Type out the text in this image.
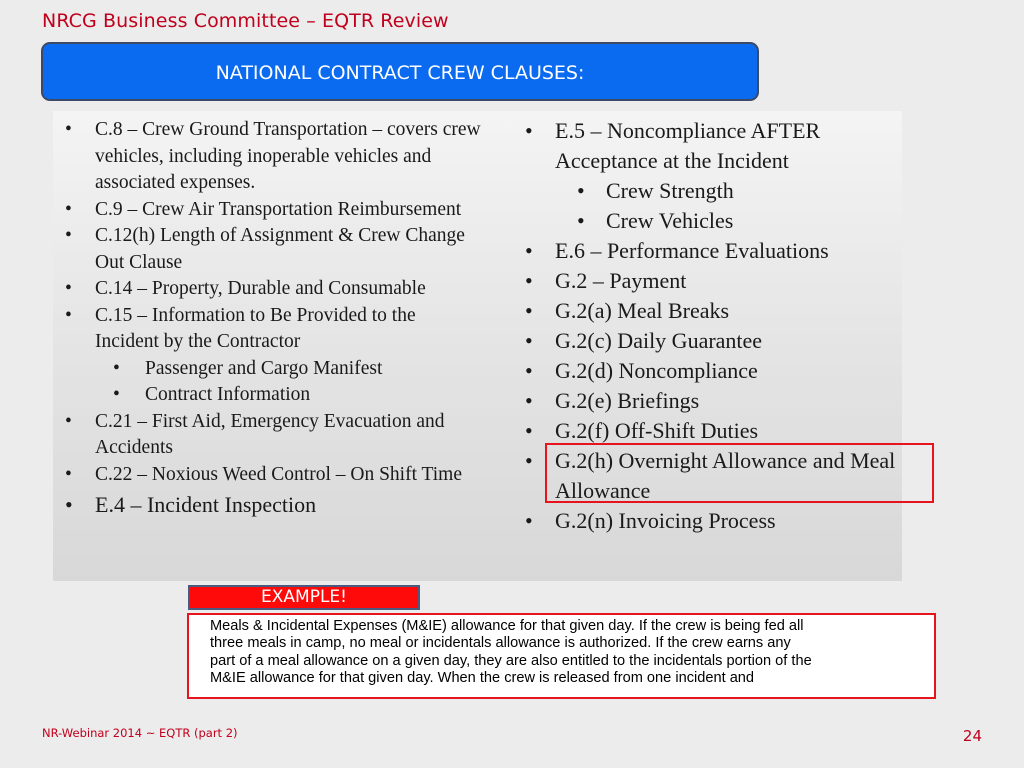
NRCG Business Committee – EQTR Review
NATIONAL CONTRACT CREW CLAUSES:
• C.8 – Crew Ground Transportation – covers crew vehicles, including inoperable vehicles and associated expenses.
• C.9 – Crew Air Transportation Reimbursement
• C.12(h) Length of Assignment & Crew Change Out Clause
• C.14 – Property, Durable and Consumable
• C.15 – Information to Be Provided to the Incident by the Contractor
• Passenger and Cargo Manifest
• Contract Information
• C.21 – First Aid, Emergency Evacuation and Accidents
• C.22 – Noxious Weed Control – On Shift Time
• E.4 – Incident Inspection
• E.5 – Noncompliance AFTER Acceptance at the Incident
• Crew Strength
• Crew Vehicles
• E.6 – Performance Evaluations
• G.2 – Payment
• G.2(a) Meal Breaks
• G.2(c) Daily Guarantee
• G.2(d) Noncompliance
• G.2(e) Briefings
• G.2(f) Off-Shift Duties
• G.2(h) Overnight Allowance and Meal Allowance
• G.2(n) Invoicing Process
EXAMPLE!
Meals & Incidental Expenses (M&IE) allowance for that given day. If the crew is being fed all
three meals in camp, no meal or incidentals allowance is authorized. If the crew earns any
part of a meal allowance on a given day, they are also entitled to the incidentals portion of the
M&IE allowance for that given day. When the crew is released from one incident and
NR-Webinar 2014 ~ EQTR (part 2)	24
